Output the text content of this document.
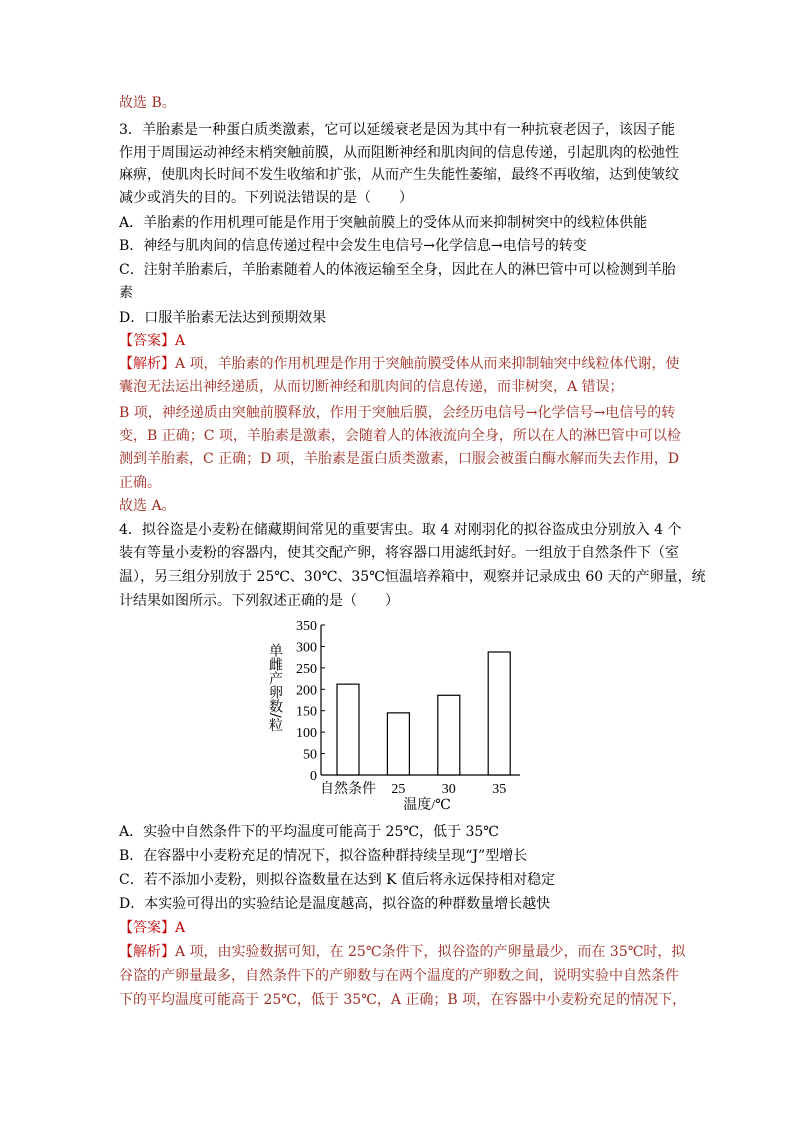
故选 B。
3．羊胎素是一种蛋白质类激素，它可以延缓衰老是因为其中有一种抗衰老因子，该因子能
作用于周围运动神经末梢突触前膜，从而阻断神经和肌肉间的信息传递，引起肌肉的松弛性
麻痹，使肌肉长时间不发生收缩和扩张，从而产生失能性萎缩，最终不再收缩，达到使皱纹
减少或消失的目的。下列说法错误的是（　　）
A．羊胎素的作用机理可能是作用于突触前膜上的受体从而来抑制树突中的线粒体供能
B．神经与肌肉间的信息传递过程中会发生电信号→化学信息→电信号的转变
C．注射羊胎素后，羊胎素随着人的体液运输至全身，因此在人的淋巴管中可以检测到羊胎
素
D．口服羊胎素无法达到预期效果
【答案】A
【解析】A 项，羊胎素的作用机理是作用于突触前膜受体从而来抑制轴突中线粒体代谢，使
囊泡无法运出神经递质，从而切断神经和肌肉间的信息传递，而非树突，A 错误；
B 项，神经递质由突触前膜释放，作用于突触后膜，会经历电信号→化学信号→电信号的转
变，B 正确；C 项，羊胎素是激素，会随着人的体液流向全身，所以在人的淋巴管中可以检
测到羊胎素，C 正确；D 项，羊胎素是蛋白质类激素，口服会被蛋白酶水解而失去作用，D
正确。
故选 A。
4．拟谷盗是小麦粉在储藏期间常见的重要害虫。取 4 对刚羽化的拟谷盗成虫分别放入 4 个
装有等量小麦粉的容器内，使其交配产卵，将容器口用滤纸封好。一组放于自然条件下（室
温），另三组分别放于 25℃、30℃、35℃恒温培养箱中，观察并记录成虫 60 天的产卵量，统
计结果如图所示。下列叙述正确的是（　　）
单雌产卵数/粒
0
50
100
150
200
250
300
350
自然条件 25	30	35
温度/℃
A．实验中自然条件下的平均温度可能高于 25℃，低于 35℃
B．在容器中小麦粉充足的情况下，拟谷盗种群持续呈现“J”型增长
C．若不添加小麦粉，则拟谷盗数量在达到 K 值后将永远保持相对稳定
D．本实验可得出的实验结论是温度越高，拟谷盗的种群数量增长越快
【答案】A
【解析】A 项，由实验数据可知，在 25℃条件下，拟谷盗的产卵量最少，而在 35℃时，拟
谷盗的产卵量最多，自然条件下的产卵数与在两个温度的产卵数之间，说明实验中自然条件
下的平均温度可能高于 25℃，低于 35℃，A 正确；B 项，在容器中小麦粉充足的情况下，
